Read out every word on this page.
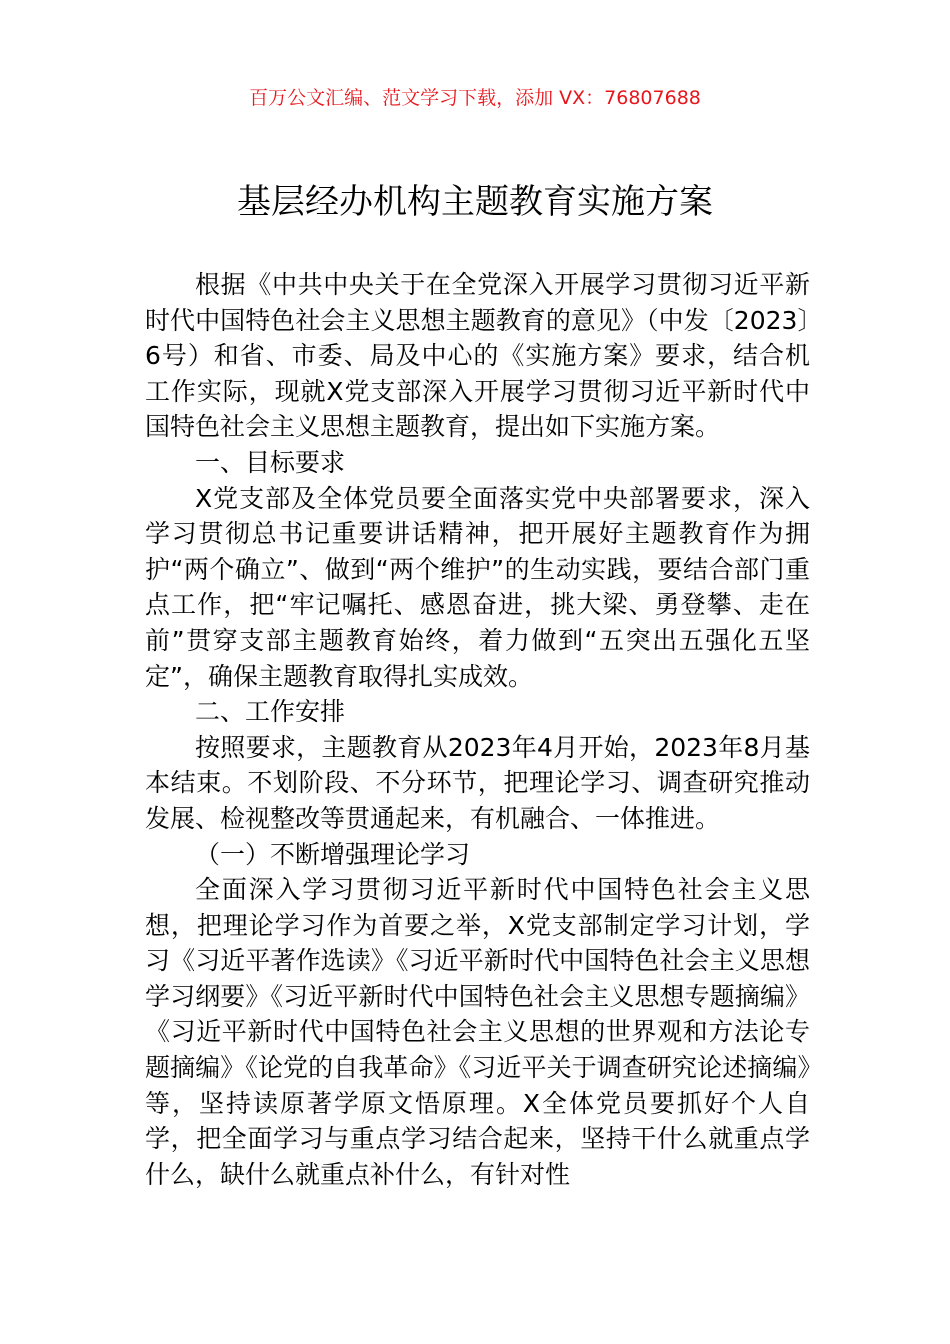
百万公文汇编、范文学习下载，添加 VX：76807688
基层经办机构主题教育实施方案

根据《中共中央关于在全党深入开展学习贯彻习近平新时代中国特色社会主义思想主题教育的意见》（中发〔2023〕6号）和省、市委、局及中心的《实施方案》要求，结合机工作实际，现就X党支部深入开展学习贯彻习近平新时代中国特色社会主义思想主题教育，提出如下实施方案。

一、目标要求

X党支部及全体党员要全面落实党中央部署要求，深入学习贯彻总书记重要讲话精神，把开展好主题教育作为拥护“两个确立”、做到“两个维护”的生动实践，要结合部门重点工作，把“牢记嘱托、感恩奋进，挑大梁、勇登攀、走在前”贯穿支部主题教育始终，着力做到“五突出五强化五坚定”，确保主题教育取得扎实成效。

二、工作安排

按照要求，主题教育从2023年4月开始，2023年8月基本结束。不划阶段、不分环节，把理论学习、调查研究推动发展、检视整改等贯通起来，有机融合、一体推进。

（一）不断增强理论学习

全面深入学习贯彻习近平新时代中国特色社会主义思想，把理论学习作为首要之举，X党支部制定学习计划，学习《习近平著作选读》《习近平新时代中国特色社会主义思想学习纲要》《习近平新时代中国特色社会主义思想专题摘编》《习近平新时代中国特色社会主义思想的世界观和方法论专题摘编》《论党的自我革命》《习近平关于调查研究论述摘编》等，坚持读原著学原文悟原理。X全体党员要抓好个人自学，把全面学习与重点学习结合起来，坚持干什么就重点学什么，缺什么就重点补什么，有针对性
